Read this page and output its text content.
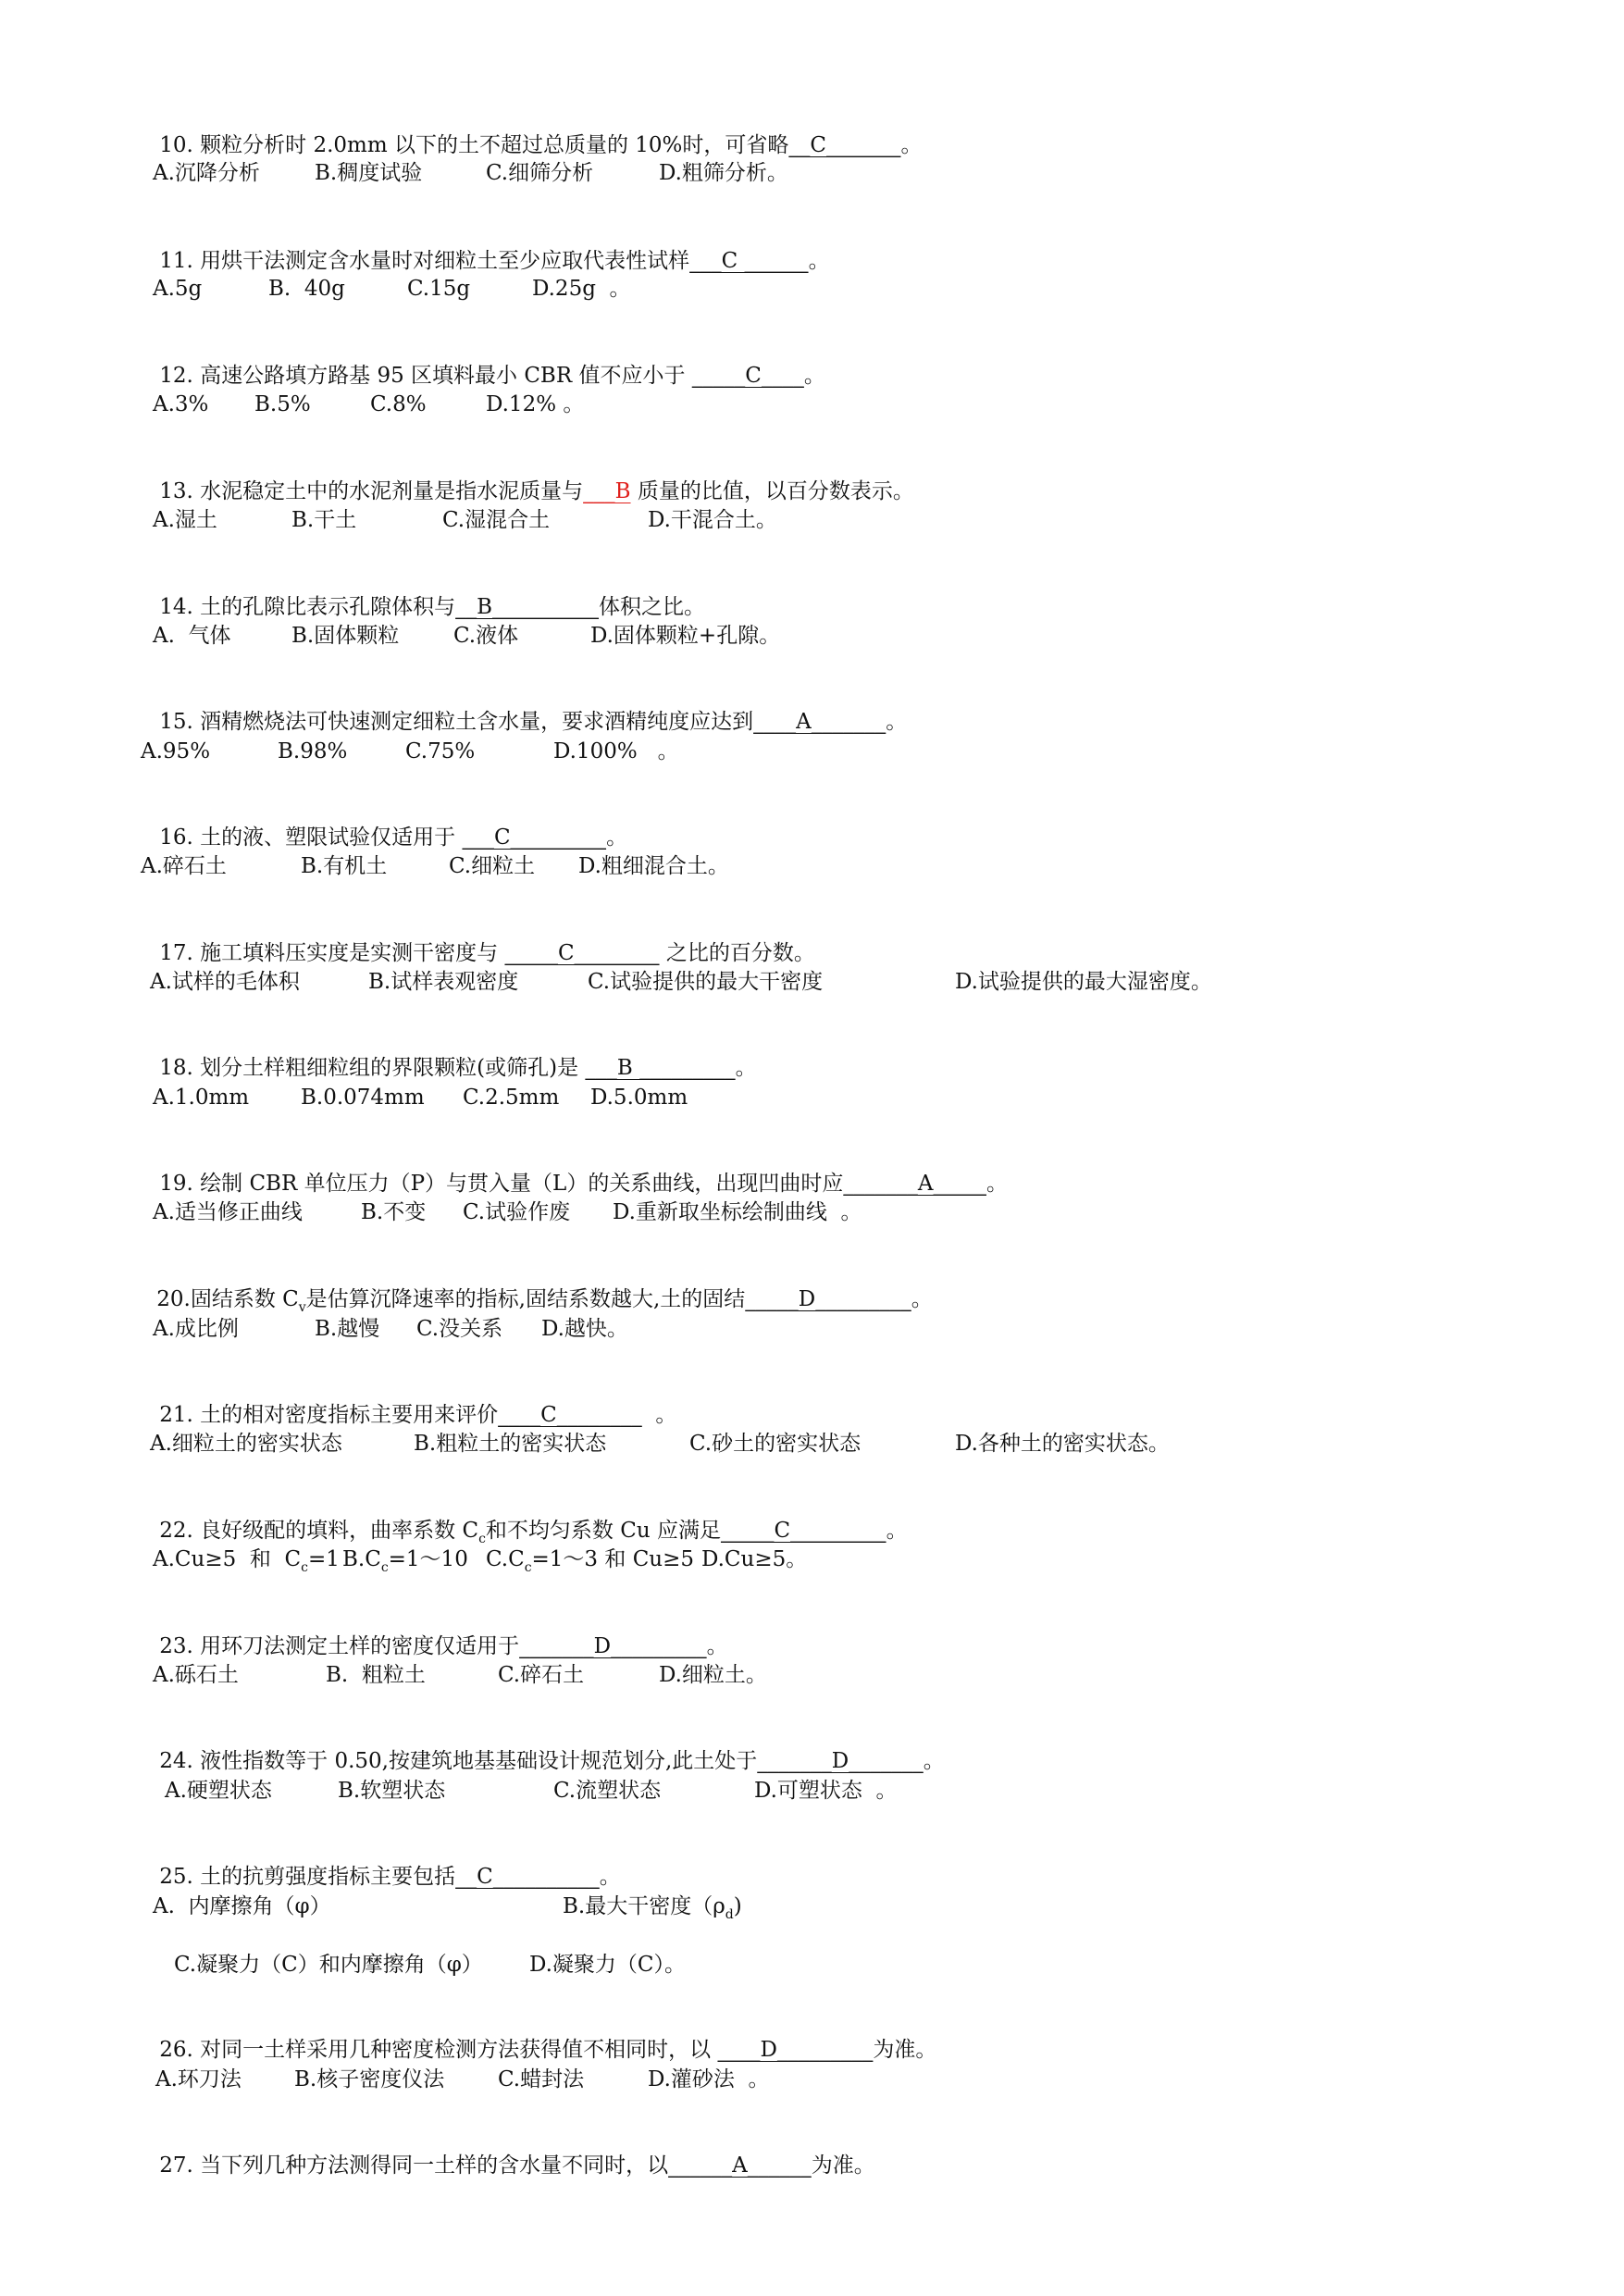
10. 颗粒分析时 2.0mm 以下的土不超过总质量的 10%时，可省略__C_______。

A.沉降分析

	B.稠度试验

	C.细筛分析

	D.粗筛分析。

11. 用烘干法测定含水量时对细粒土至少应取代表性试样___C ______。

A.5g

	B.  40g

	C.15g

	D.25g  。

12. 高速公路填方路基 95 区填料最小 CBR 值不应小于 _____C____。

A.3%

B.5%

	C.8%

	D.12% 。

13. 水泥稳定土中的水泥剂量是指水泥质量与___B 质量的比值，以百分数表示。

A.湿土

	B.干土

	C.湿混合土

	D.干混合土。

14. 土的孔隙比表示孔隙体积与__B__________体积之比。

A.  气体

	B.固体颗粒

	C.液体

	D.固体颗粒+孔隙。

15. 酒精燃烧法可快速测定细粒土含水量，要求酒精纯度应达到____A_______。

A.95%

	B.98%

	C.75%

	D.100%   。

16. 土的液、塑限试验仅适用于 ___C_________。

A.碎石土

	B.有机土

	C.细粒土

D.粗细混合土。

17. 施工填料压实度是实测干密度与 _____C________ 之比的百分数。

A.试样的毛体积

	B.试样表观密度

	C.试验提供的最大干密度

	D.试验提供的最大湿密度。

18. 划分土样粗细粒组的界限颗粒(或筛孔)是 ___B _________。

A.1.0mm

B.0.074mm

C.2.5mm

D.5.0mm

19. 绘制 CBR 单位压力（P）与贯入量（L）的关系曲线，出现凹曲时应_______A_____。

A.适当修正曲线

	B.不变

C.试验作废

D.重新取坐标绘制曲线  。

20.固结系数 $C_v$是估算沉降速率的指标,固结系数越大,土的固结_____D_________。

A.成比例

	B.越慢

C.没关系

D.越快。

21. 土的相对密度指标主要用来评价____C________  。

A.细粒土的密实状态

	B.粗粒土的密实状态

	C.砂土的密实状态

	D.各种土的密实状态。

22. 良好级配的填料，曲率系数 $C_c$和不均匀系数 Cu 应满足_____C_________。

A.Cu≥5  和  $C_c=1$

$B.C_c=1\sim 10$

$C.C_c=1\sim 3$ 和 Cu≥5

D.Cu≥5。

23. 用环刀法测定土样的密度仅适用于_______D_________。

A.砾石土

	B.  粗粒土

	C.碎石土

	D.细粒土。

24. 液性指数等于 0.50,按建筑地基基础设计规范划分,此土处于_______D_______。

A.硬塑状态

	B.软塑状态

	C.流塑状态

	D.可塑状态  。

25. 土的抗剪强度指标主要包括__C__________。

A.  内摩擦角（φ）

	B.最大干密度$(\rho_d)$

C.凝聚力（C）和内摩擦角（φ）

D.凝聚力（C）。

26. 对同一土样采用几种密度检测方法获得值不相同时，以 ____D_________为准。

A.环刀法

B.核子密度仪法

	C.蜡封法

	D.灌砂法  。

27. 当下列几种方法测得同一土样的含水量不同时，以______A______为准。
